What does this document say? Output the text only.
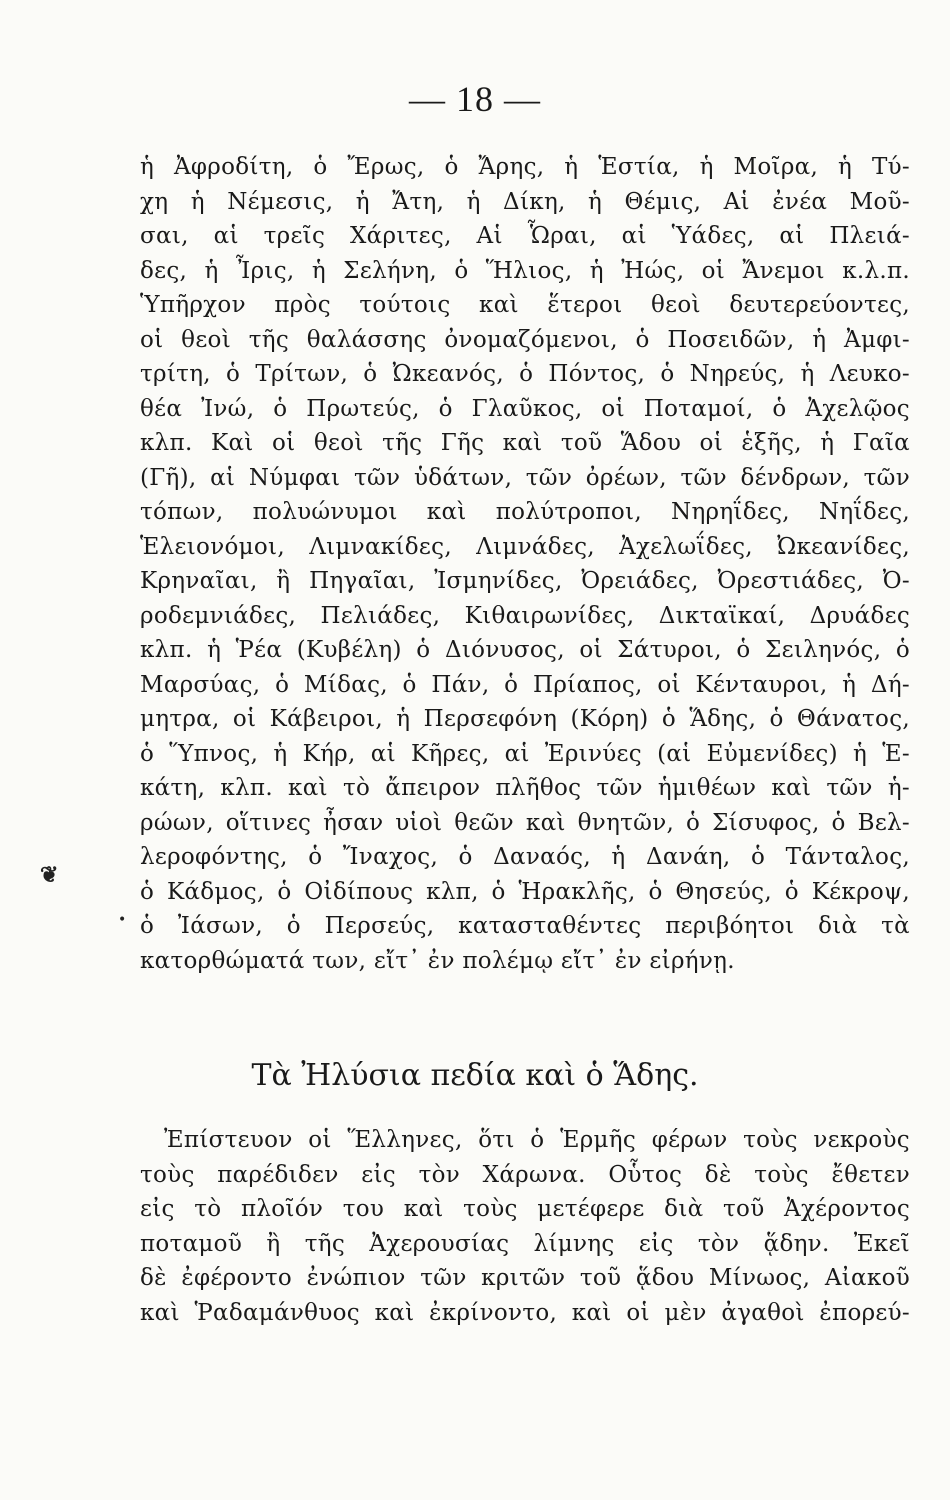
— 18 —
❦
•
ἡ Ἀφροδίτη, ὁ Ἔρως, ὁ Ἄρης, ἡ Ἑστία, ἡ Μοῖρα, ἡ Τύ-
χη ἡ Νέμεσις, ἡ Ἄτη, ἡ Δίκη, ἡ Θέμις, Αἱ ἐνέα Μοῦ-
σαι, αἱ τρεῖς Χάριτες, Αἱ Ὧραι, αἱ Ὑάδες, αἱ Πλειά-
δες, ἡ Ἶρις, ἡ Σελήνη, ὁ Ἥλιος, ἡ Ἠώς, οἱ Ἄνεμοι κ.λ.π.
Ὑπῆρχον πρὸς τούτοις καὶ ἕτεροι θεοὶ δευτερεύοντες,
οἱ θεοὶ τῆς θαλάσσης ὀνομαζόμενοι, ὁ Ποσειδῶν, ἡ Ἀμφι-
τρίτη, ὁ Τρίτων, ὁ Ὠκεανός, ὁ Πόντος, ὁ Νηρεύς, ἡ Λευκο-
θέα Ἰνώ, ὁ Πρωτεύς, ὁ Γλαῦκος, οἱ Ποταμοί, ὁ Ἀχελῷος
κλπ. Καὶ οἱ θεοὶ τῆς Γῆς καὶ τοῦ Ἅδου οἱ ἑξῆς, ἡ Γαῖα
(Γῆ), αἱ Νύμφαι τῶν ὑδάτων, τῶν ὀρέων, τῶν δένδρων, τῶν
τόπων, πολυώνυμοι καὶ πολύτροποι, Νηρηΐδες, Νηΐδες,
Ἑλειονόμοι, Λιμνακίδες, Λιμνάδες, Ἀχελωΐδες, Ὠκεανίδες,
Κρηναῖαι, ἢ Πηγαῖαι, Ἰσμηνίδες, Ὀρειάδες, Ὀρεστιάδες, Ὀ-
ροδεμνιάδες, Πελιάδες, Κιθαιρωνίδες, Δικταϊκαί, Δρυάδες
κλπ. ἡ Ῥέα (Κυβέλη) ὁ Διόνυσος, οἱ Σάτυροι, ὁ Σειληνός, ὁ
Μαρσύας, ὁ Μίδας, ὁ Πάν, ὁ Πρίαπος, οἱ Κένταυροι, ἡ Δή-
μητρα, οἱ Κάβειροι, ἡ Περσεφόνη (Κόρη) ὁ Ἅδης, ὁ Θάνατος,
ὁ Ὕπνος, ἡ Κήρ, αἱ Κῆρες, αἱ Ἐρινύες (αἱ Εὐμενίδες) ἡ Ἑ-
κάτη, κλπ. καὶ τὸ ἄπειρον πλῆθος τῶν ἡμιθέων καὶ τῶν ἡ-
ρώων, οἵτινες ἦσαν υἱοὶ θεῶν καὶ θνητῶν, ὁ Σίσυφος, ὁ Βελ-
λεροφόντης, ὁ Ἴναχος, ὁ Δαναός, ἡ Δανάη, ὁ Τάνταλος,
ὁ Κάδμος, ὁ Οἰδίπους κλπ, ὁ Ἡρακλῆς, ὁ Θησεύς, ὁ Κέκροψ,
ὁ Ἰάσων, ὁ Περσεύς, κατασταθέντες περιβόητοι διὰ τὰ
κατορθώματά των, εἴτ᾽ ἐν πολέμῳ εἴτ᾽ ἐν εἰρήνῃ.
Τὰ Ἠλύσια πεδία καὶ ὁ Ἅδης.
Ἐπίστευον οἱ Ἕλληνες, ὅτι ὁ Ἑρμῆς φέρων τοὺς νεκροὺς
τοὺς παρέδιδεν εἰς τὸν Χάρωνα. Οὗτος δὲ τοὺς ἔθετεν
εἰς τὸ πλοῖόν του καὶ τοὺς μετέφερε διὰ τοῦ Ἀχέροντος
ποταμοῦ ἢ τῆς Ἀχερουσίας λίμνης εἰς τὸν ᾅδην. Ἐκεῖ
δὲ ἐφέροντο ἐνώπιον τῶν κριτῶν τοῦ ᾅδου Μίνωος, Αἰακοῦ
καὶ Ῥαδαμάνθυος καὶ ἐκρίνοντο, καὶ οἱ μὲν ἀγαθοὶ ἐπορεύ-
